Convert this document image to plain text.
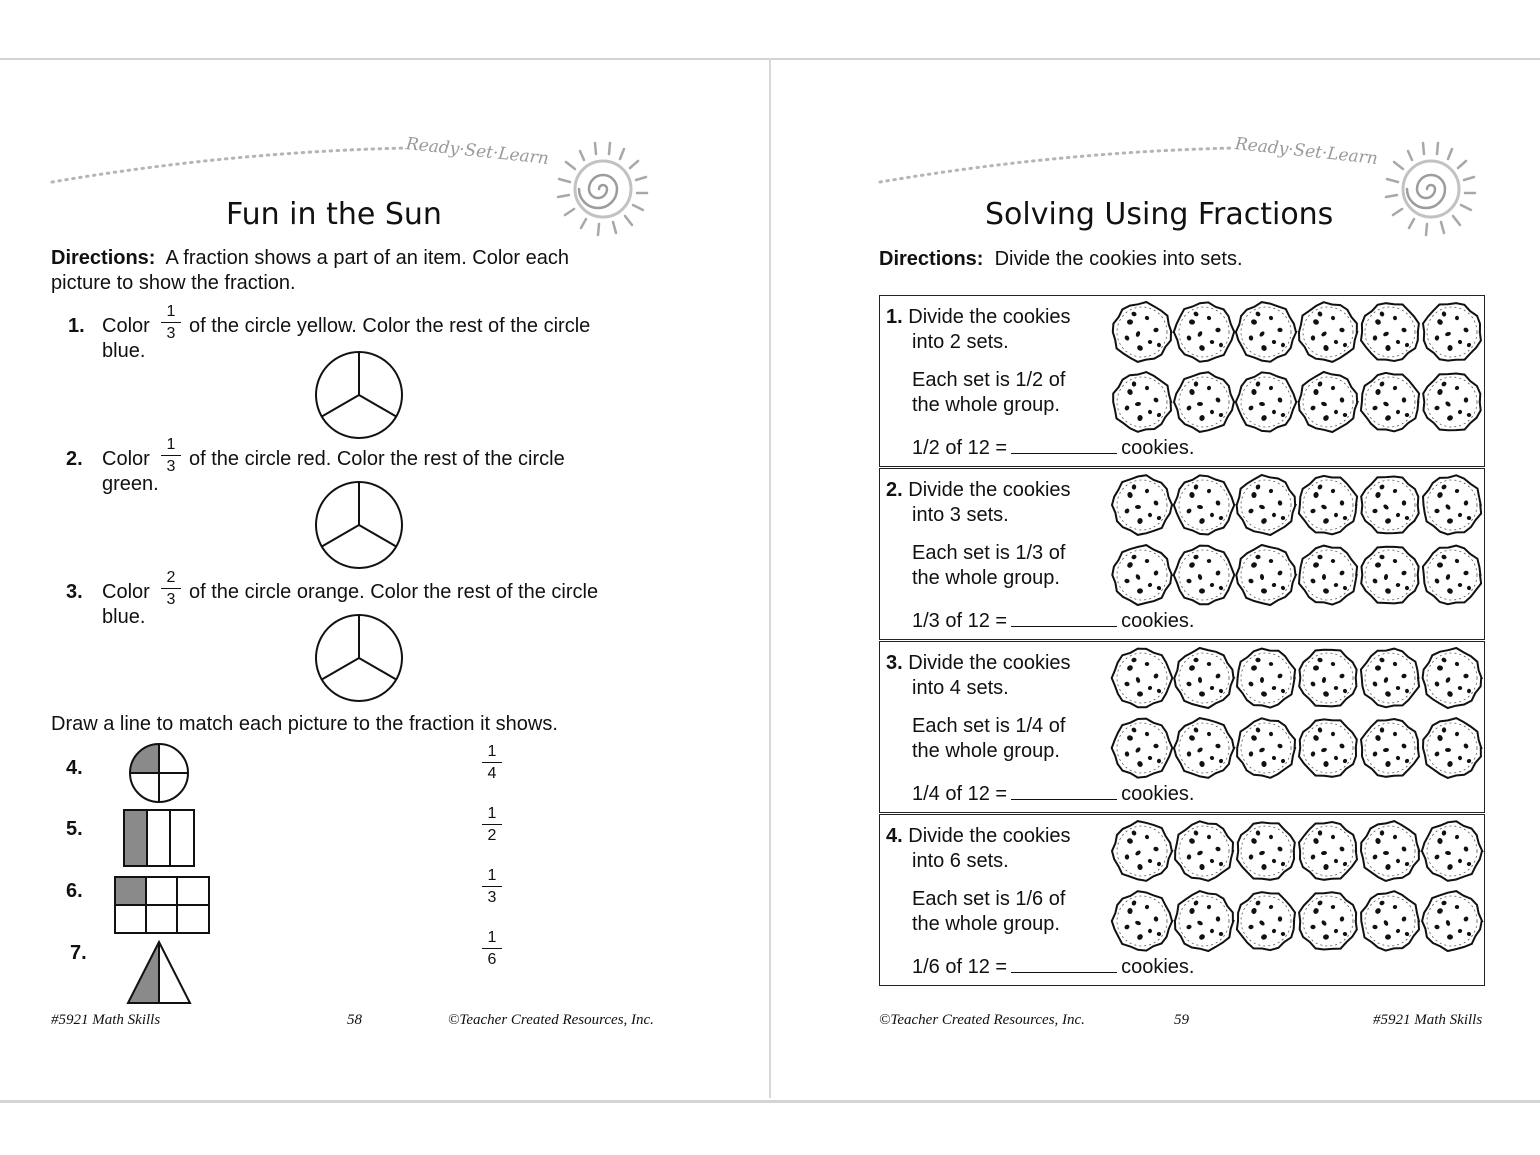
Ready·Set·Learn
Fun in the Sun
Directions: A fraction shows a part of an item. Color each
picture to show the fraction.
1. Color
1
3 of the circle yellow. Color the rest of the circle
blue.
2. Color
1
3 of the circle red. Color the rest of the circle
green.
3. Color
2
3 of the circle orange. Color the rest of the circle
blue.
Draw a line to match each picture to the fraction it shows.
4.
5.
6.
7.
1
4
1
2
1
3
1
6
#5921 Math Skills	58	©Teacher Created Resources, Inc.
Ready·Set·Learn
Solving Using Fractions
Directions: Divide the cookies into sets.
1. Divide the cookies
into 2 sets.
Each set is 1/2 of
the whole group.
1/2 of 12 =	cookies.
2. Divide the cookies
into 3 sets.
Each set is 1/3 of
the whole group.
1/3 of 12 =	cookies.
3. Divide the cookies
into 4 sets.
Each set is 1/4 of
the whole group.
1/4 of 12 =	cookies.
4. Divide the cookies
into 6 sets.
Each set is 1/6 of
the whole group.
1/6 of 12 =	cookies.
©Teacher Created Resources, Inc.	59	#5921 Math Skills
